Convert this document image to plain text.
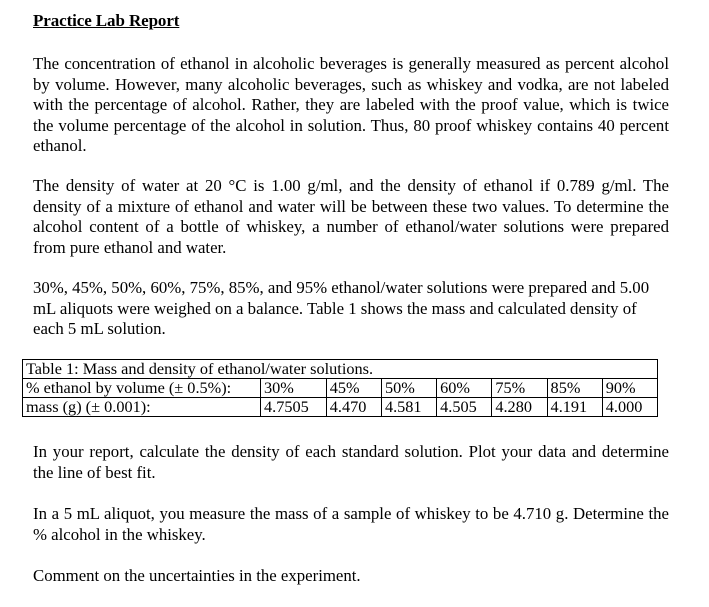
Practice Lab Report

The concentration of ethanol in alcoholic beverages is generally measured as percent alcohol by volume. However, many alcoholic beverages, such as whiskey and vodka, are not labeled with the percentage of alcohol. Rather, they are labeled with the proof value, which is twice the volume percentage of the alcohol in solution. Thus, 80 proof whiskey contains 40 percent ethanol.

The density of water at 20 °C is 1.00 g/ml, and the density of ethanol if 0.789 g/ml. The density of a mixture of ethanol and water will be between these two values. To determine the alcohol content of a bottle of whiskey, a number of ethanol/water solutions were prepared from pure ethanol and water.

30%, 45%, 50%, 60%, 75%, 85%, and 95% ethanol/water solutions were prepared and 5.00 mL aliquots were weighed on a balance. Table 1 shows the mass and calculated density of each 5 mL solution.

Table 1: Mass and density of ethanol/water solutions.							
% ethanol by volume (± 0.5%):	30%	45%	50%	60%	75%	85%	90%
mass (g) (± 0.001):	4.7505	4.470	4.581	4.505	4.280	4.191	4.000

In your report, calculate the density of each standard solution. Plot your data and determine the line of best fit.

In a 5 mL aliquot, you measure the mass of a sample of whiskey to be 4.710 g. Determine the % alcohol in the whiskey.

Comment on the uncertainties in the experiment.
